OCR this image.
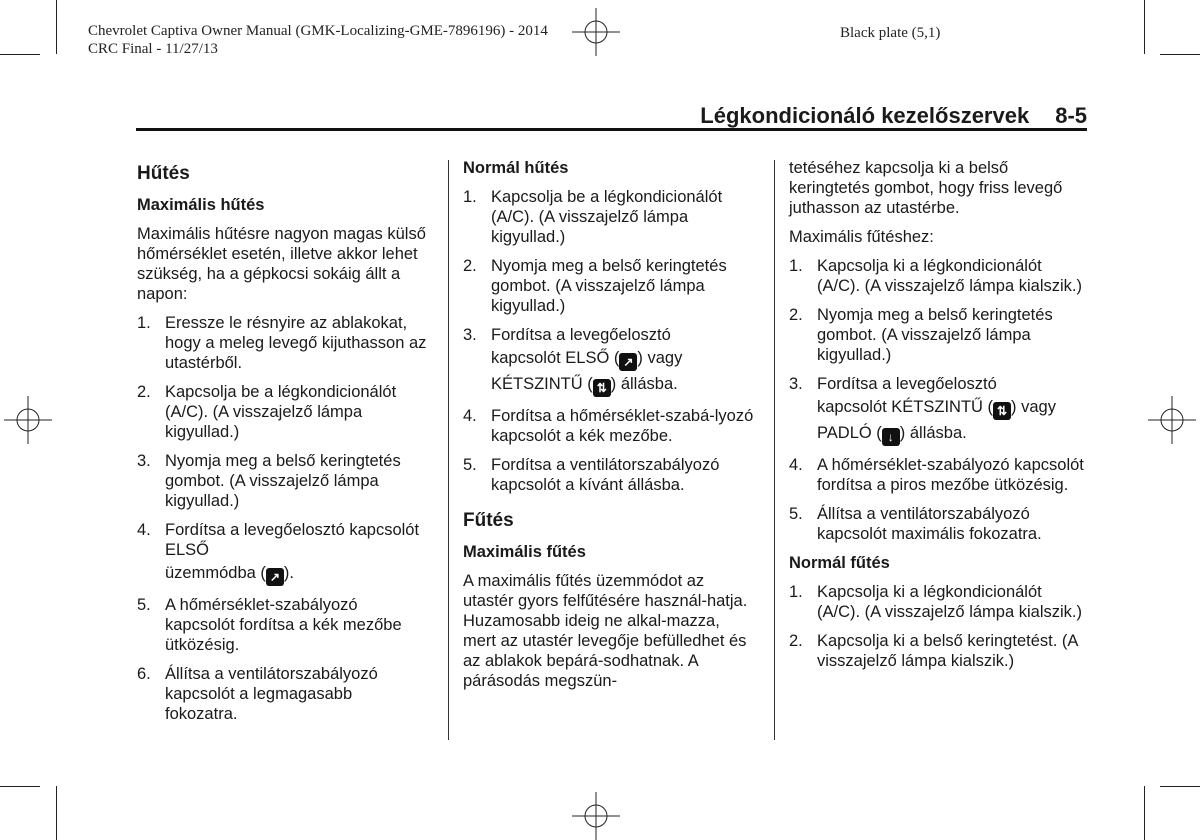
Chevrolet Captiva Owner Manual (GMK-Localizing-GME-7896196) - 2014
CRC Final - 11/27/13
Black plate (5,1)
Légkondicionáló kezelőszervek 8-5
Hűtés
Maximális hűtés
Maximális hűtésre nagyon magas külső hőmérséklet esetén, illetve akkor lehet szükség, ha a gépkocsi sokáig állt a napon:
1. Eressze le résnyire az ablakokat, hogy a meleg levegő kijuthasson az utastérből.
2. Kapcsolja be a légkondicionálót (A/C). (A visszajelző lámpa kigyullad.)
3. Nyomja meg a belső keringtetés gombot. (A visszajelző lámpa kigyullad.)
4. Fordítsa a levegőelosztó kapcsolót ELSŐ
üzemmódba ( ↗ ).
5. A hőmérséklet-szabályozó kapcsolót fordítsa a kék mezőbe ütközésig.
6. Állítsa a ventilátorszabályozó kapcsolót a legmagasabb fokozatra.
Normál hűtés
1. Kapcsolja be a légkondicionálót (A/C). (A visszajelző lámpa kigyullad.)
2. Nyomja meg a belső keringtetés gombot. (A visszajelző lámpa kigyullad.)
3. Fordítsa a levegőelosztó
kapcsolót ELSŐ ( ↗ ) vagy
KÉTSZINTŰ ( ⇅ ) állásba.
4. Fordítsa a hőmérséklet-szabá-lyozó kapcsolót a kék mezőbe.
5. Fordítsa a ventilátorszabályozó kapcsolót a kívánt állásba.
Fűtés
Maximális fűtés
A maximális fűtés üzemmódot az utastér gyors felfűtésére használ-hatja. Huzamosabb ideig ne alkal-mazza, mert az utastér levegője befülledhet és az ablakok bepárá-sodhatnak. A párásodás megszün-
tetéséhez kapcsolja ki a belső keringtetés gombot, hogy friss levegő juthasson az utastérbe.
Maximális fűtéshez:
1. Kapcsolja ki a légkondicionálót (A/C). (A visszajelző lámpa kialszik.)
2. Nyomja meg a belső keringtetés gombot. (A visszajelző lámpa kigyullad.)
3. Fordítsa a levegőelosztó
kapcsolót KÉTSZINTŰ ( ⇅ ) vagy
PADLÓ ( ↓ ) állásba.
4. A hőmérséklet-szabályozó kapcsolót fordítsa a piros mezőbe ütközésig.
5. Állítsa a ventilátorszabályozó kapcsolót maximális fokozatra.
Normál fűtés
1. Kapcsolja ki a légkondicionálót (A/C). (A visszajelző lámpa kialszik.)
2. Kapcsolja ki a belső keringtetést. (A visszajelző lámpa kialszik.)
